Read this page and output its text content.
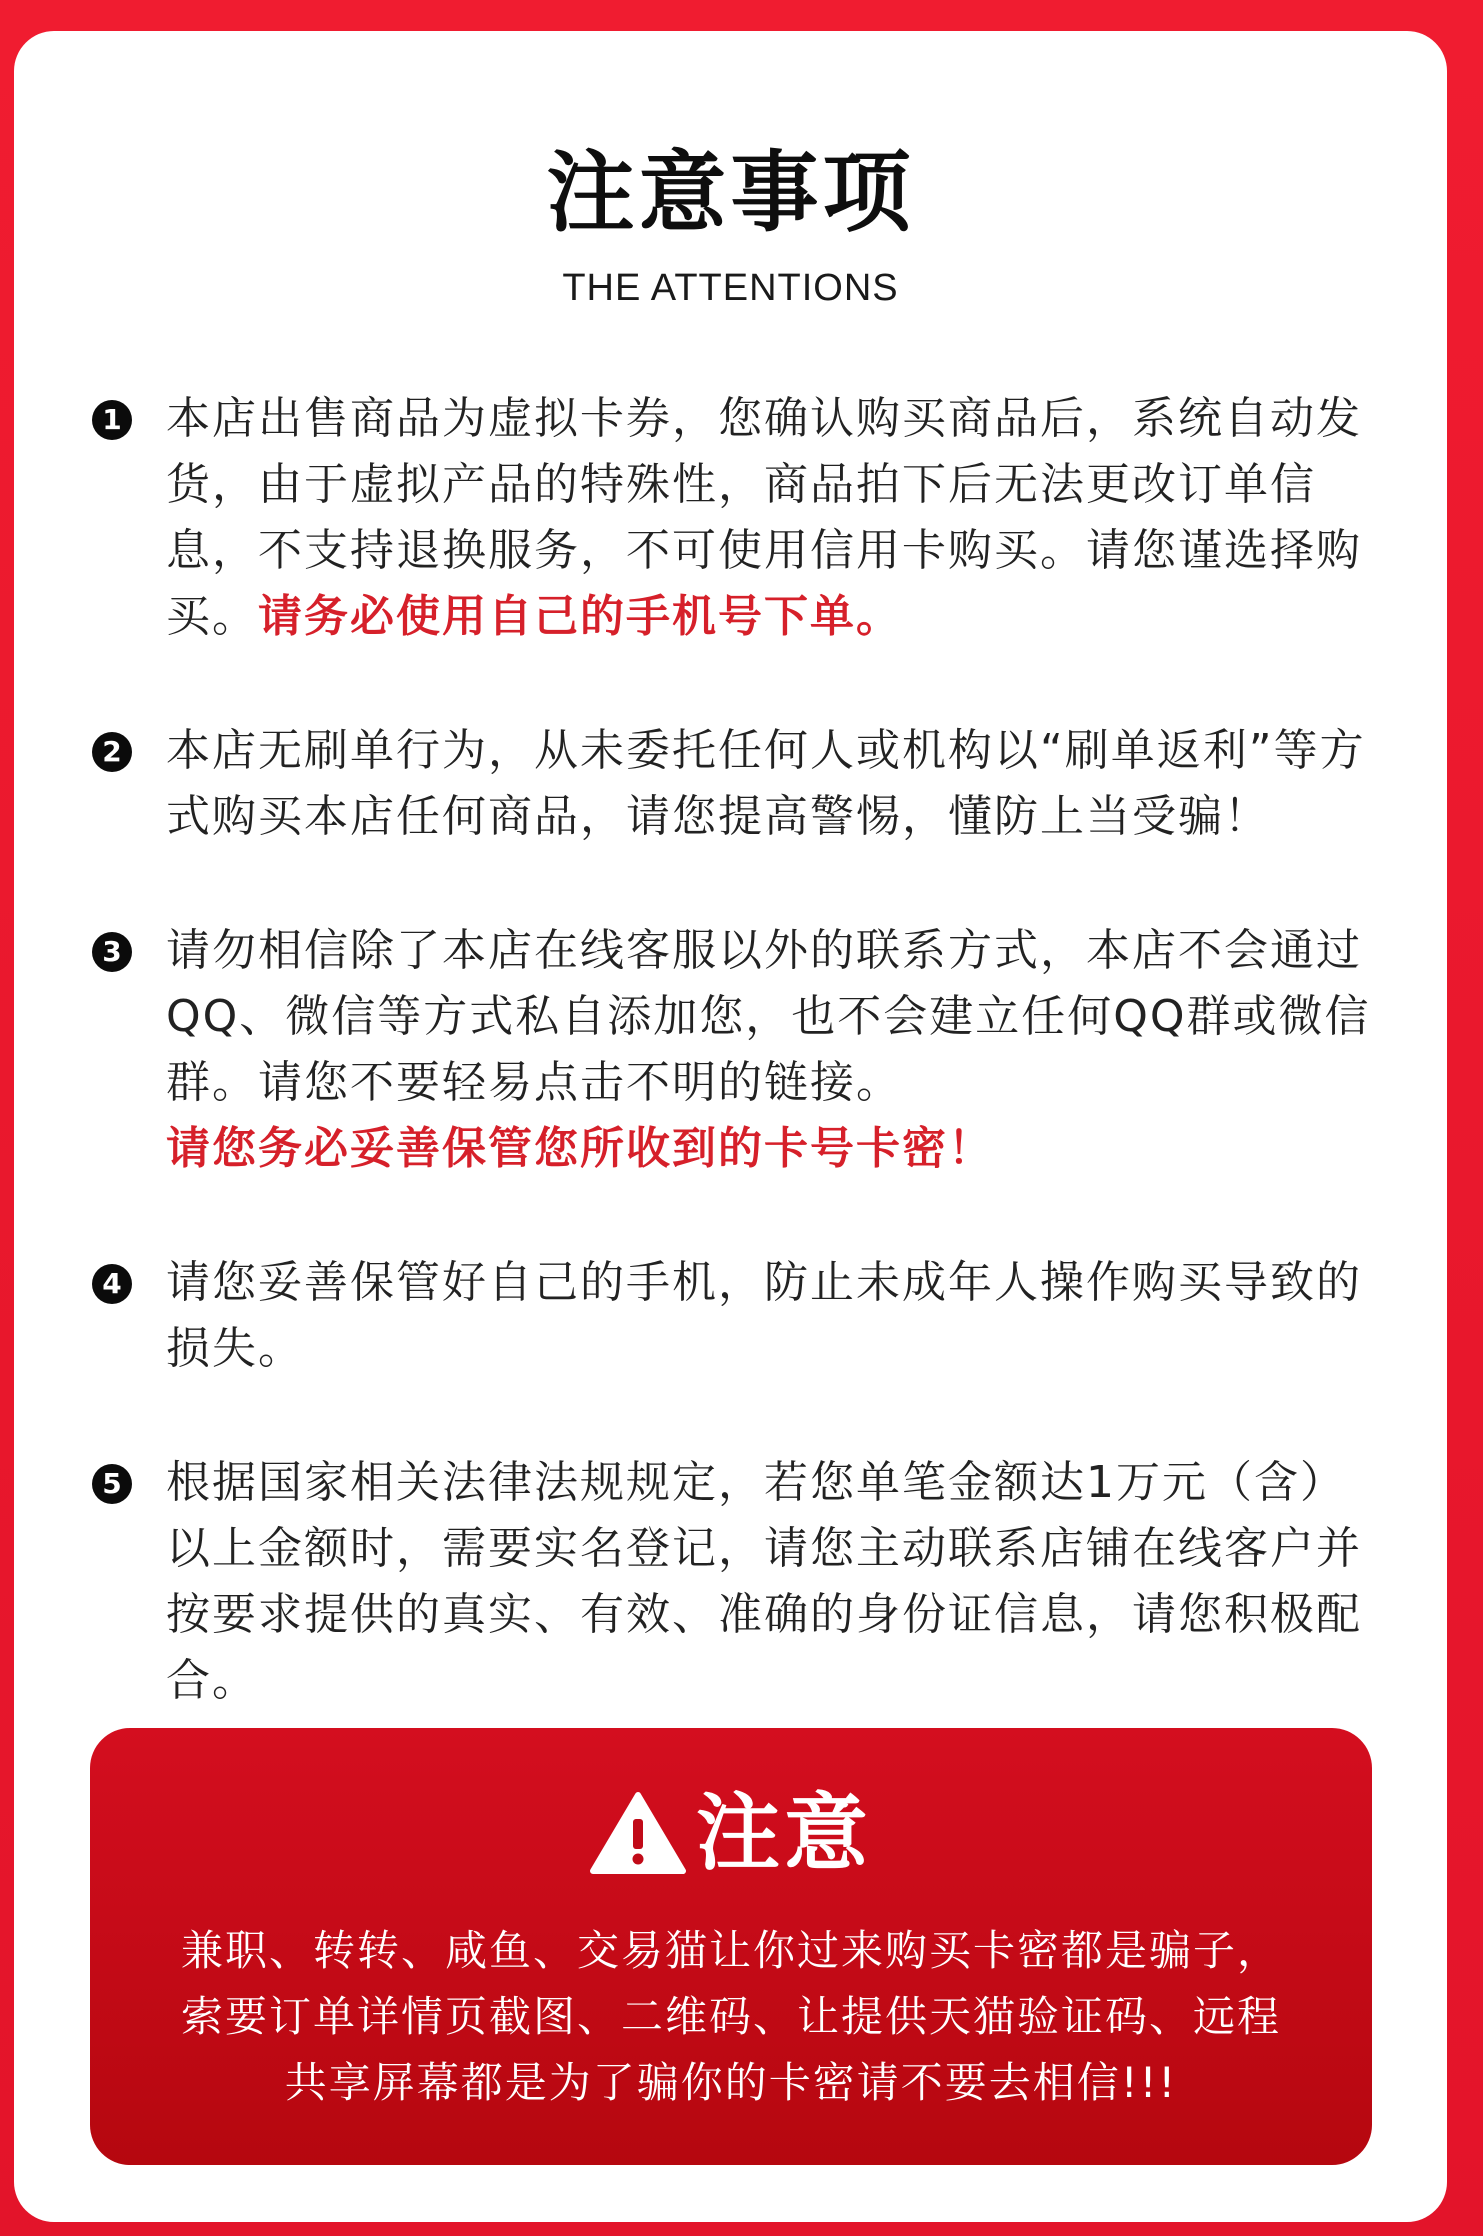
注意事项
THE ATTENTIONS
1 本店出售商品为虚拟卡券，您确认购买商品后，系统自动发货，由于虚拟产品的特殊性，商品拍下后无法更改订单信息，不支持退换服务，不可使用信用卡购买。请您谨选择购买。请务必使用自己的手机号下单。
2 本店无刷单行为，从未委托任何人或机构以“刷单返利”等方式购买本店任何商品，请您提高警惕，懂防上当受骗！
3 请勿相信除了本店在线客服以外的联系方式，本店不会通过QQ、微信等方式私自添加您，也不会建立任何QQ群或微信群。请您不要轻易点击不明的链接。
请您务必妥善保管您所收到的卡号卡密！
4 请您妥善保管好自己的手机，防止未成年人操作购买导致的损失。
5 根据国家相关法律法规规定，若您单笔金额达1万元（含）以上金额时，需要实名登记，请您主动联系店铺在线客户并按要求提供的真实、有效、准确的身份证信息，请您积极配合。
注意

兼职、转转、咸鱼、交易猫让你过来购买卡密都是骗子，
索要订单详情页截图、二维码、让提供天猫验证码、远程
共享屏幕都是为了骗你的卡密请不要去相信!!!
